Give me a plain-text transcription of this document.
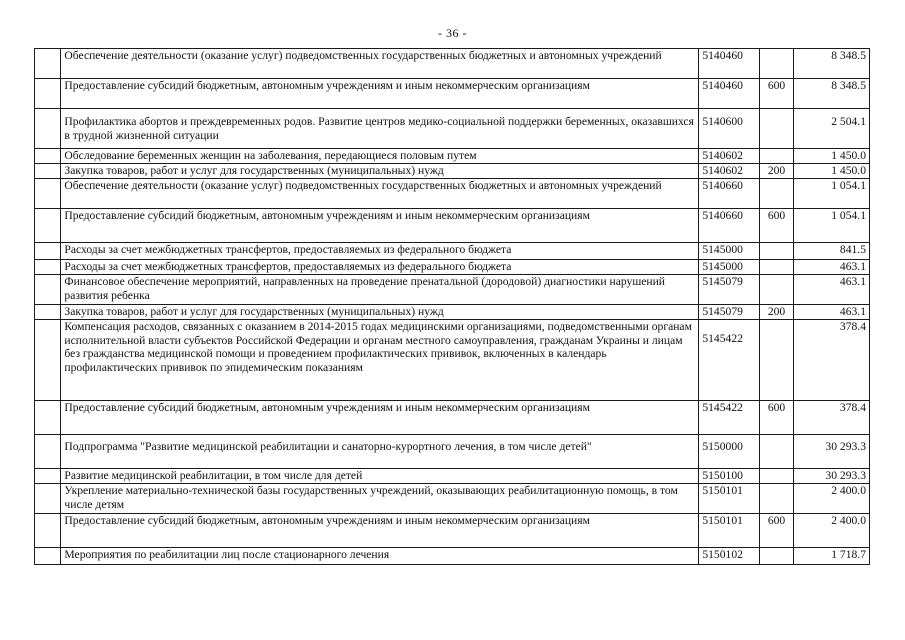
- 36 -
	Обеспечение деятельности (оказание услуг) подведомственных государственных бюджетных и автономных учреждений	5140460		8 348.5
	Предоставление субсидий бюджетным, автономным учреждениям и иным некоммерческим организациям	5140460	600	8 348.5

	Профилактика абортов и преждевременных родов. Развитие центров медико-социальной поддержки беременных, оказавшихся в трудной жизненной ситуации	5140600		2 504.1

	Обследование беременных женщин на заболевания, передающиеся половым путем	5140602		1 450.0
	Закупка товаров, работ и услуг для государственных (муниципальных) нужд	5140602	200	1 450.0
	Обеспечение деятельности (оказание услуг) подведомственных государственных бюджетных и автономных учреждений	5140660		1 054.1
	Предоставление субсидий бюджетным, автономным учреждениям и иным некоммерческим организациям	5140660	600	1 054.1
	Расходы за счет межбюджетных трансфертов, предоставляемых из федерального бюджета	5145000		841.5
	Расходы за счет межбюджетных трансфертов, предоставляемых из федерального бюджета	5145000		463.1
	Финансовое обеспечение мероприятий, направленных на проведение пренатальной (дородовой) диагностики нарушений развития ребенка	5145079		463.1
	Закупка товаров, работ и услуг для государственных (муниципальных) нужд	5145079	200	463.1
	Компенсация расходов, связанных с оказанием в 2014-2015 годах медицинскими организациями, подведомственными органам исполнительной власти субъектов Российской Федерации и органам местного самоуправления, гражданам Украины и лицам без гражданства медицинской помощи и проведением профилактических прививок, включенных в календарь профилактических прививок по эпидемическим показаниям	5145422		378.4
	Предоставление субсидий бюджетным, автономным учреждениям и иным некоммерческим организациям	5145422	600	378.4

	Подпрограмма "Развитие медицинской реабилитации и санаторно-курортного лечения, в том числе детей"	5150000		30 293.3

	Развитие медицинской реабилитации, в том числе для детей	5150100		30 293.3
	Укрепление материально-технической базы государственных учреждений, оказывающих реабилитационную помощь, в том числе детям	5150101		2 400.0
	Предоставление субсидий бюджетным, автономным учреждениям и иным некоммерческим организациям	5150101	600	2 400.0
	Мероприятия по реабилитации лиц после стационарного лечения	5150102		1 718.7
